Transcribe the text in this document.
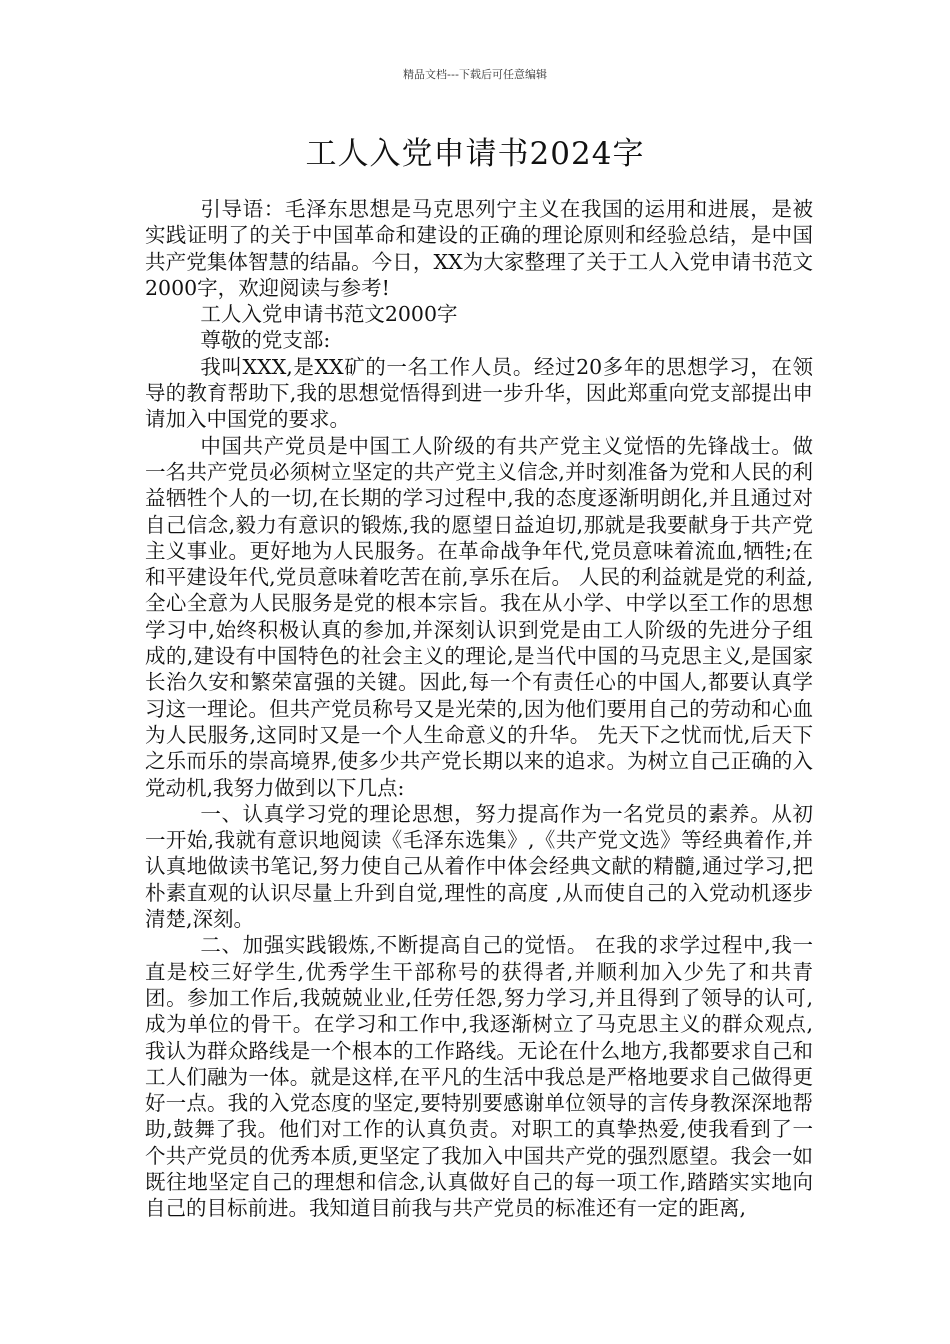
精品文档---下载后可任意编辑
工人入党申请书2024字

引导语：毛泽东思想是马克思列宁主义在我国的运用和进展，是被实践证明了的关于中国革命和建设的正确的理论原则和经验总结，是中国共产党集体智慧的结晶。今日，XX为大家整理了关于工人入党申请书范文2000字，欢迎阅读与参考!

工人入党申请书范文2000字

尊敬的党支部:

我叫XXX,是XX矿的一名工作人员。经过20多年的思想学习，在领导的教育帮助下,我的思想觉悟得到进一步升华，因此郑重向党支部提出申请加入中国党的要求。

中国共产党员是中国工人阶级的有共产党主义觉悟的先锋战士。做一名共产党员必须树立坚定的共产党主义信念,并时刻准备为党和人民的利益牺牲个人的一切,在长期的学习过程中,我的态度逐渐明朗化,并且通过对自己信念,毅力有意识的锻炼,我的愿望日益迫切,那就是我要献身于共产党主义事业。更好地为人民服务。在革命战争年代,党员意味着流血,牺牲;在和平建设年代,党员意味着吃苦在前,享乐在后。 人民的利益就是党的利益,全心全意为人民服务是党的根本宗旨。我在从小学、中学以至工作的思想学习中,始终积极认真的参加,并深刻认识到党是由工人阶级的先进分子组成的,建设有中国特色的社会主义的理论,是当代中国的马克思主义,是国家长治久安和繁荣富强的关键。因此,每一个有责任心的中国人,都要认真学习这一理论。但共产党员称号又是光荣的,因为他们要用自己的劳动和心血为人民服务,这同时又是一个人生命意义的升华。 先天下之忧而忧,后天下之乐而乐的崇高境界,使多少共产党长期以来的追求。为树立自己正确的入党动机,我努力做到以下几点:

一、认真学习党的理论思想，努力提高作为一名党员的素养。从初一开始,我就有意识地阅读《毛泽东选集》,《共产党文选》等经典着作,并认真地做读书笔记,努力使自己从着作中体会经典文献的精髓,通过学习,把朴素直观的认识尽量上升到自觉,理性的高度 ,从而使自己的入党动机逐步清楚,深刻。

二、加强实践锻炼,不断提高自己的觉悟。 在我的求学过程中,我一直是校三好学生,优秀学生干部称号的获得者,并顺利加入少先了和共青团。参加工作后,我兢兢业业,任劳任怨,努力学习,并且得到了领导的认可,成为单位的骨干。在学习和工作中,我逐渐树立了马克思主义的群众观点,我认为群众路线是一个根本的工作路线。无论在什么地方,我都要求自己和工人们融为一体。就是这样,在平凡的生活中我总是严格地要求自己做得更好一点。我的入党态度的坚定,要特别要感谢单位领导的言传身教深深地帮助,鼓舞了我。他们对工作的认真负责。对职工的真挚热爱,使我看到了一个共产党员的优秀本质,更坚定了我加入中国共产党的强烈愿望。我会一如既往地坚定自己的理想和信念,认真做好自己的每一项工作,踏踏实实地向自己的目标前进。我知道目前我与共产党员的标准还有一定的距离,
